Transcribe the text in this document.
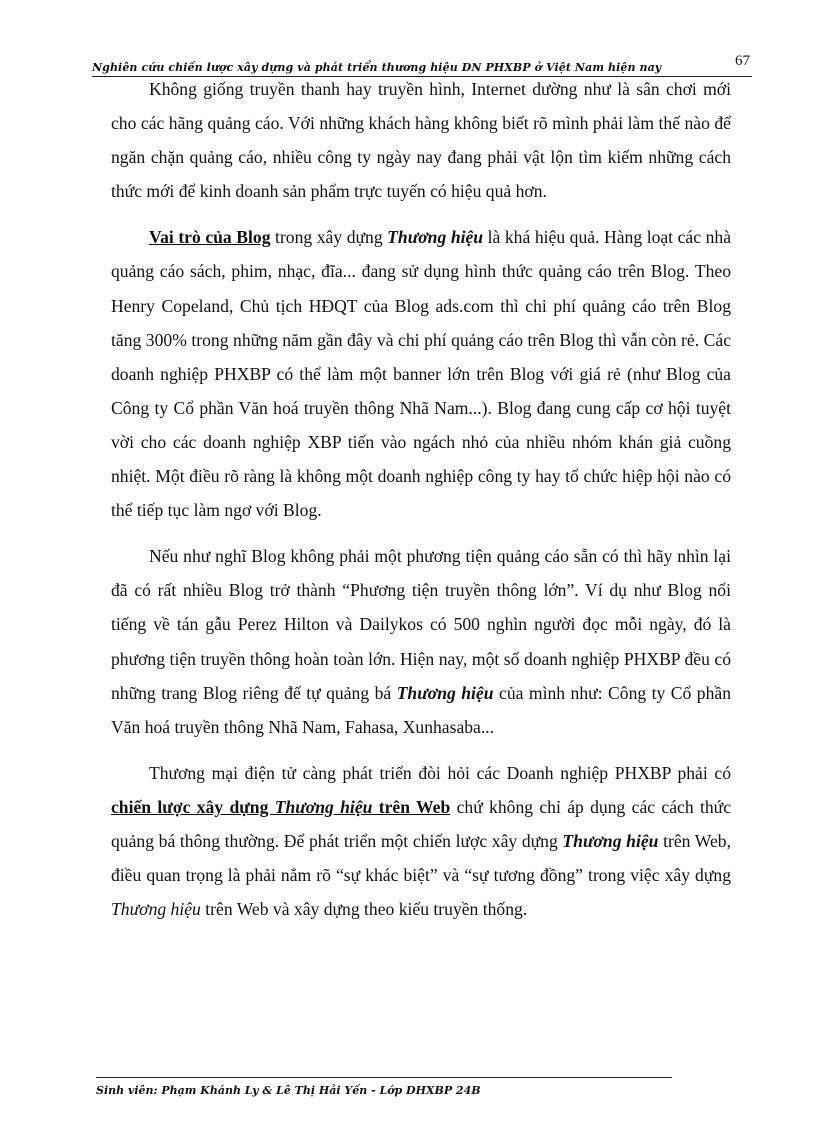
Nghiên cứu chiến lược xây dựng và phát triển thương hiệu DN PHXBP ở Việt Nam hiện nay	67

Không giống truyền thanh hay truyền hình, Internet dường như là sân chơi mới cho các hãng quảng cáo. Với những khách hàng không biết rõ mình phải làm thế nào để ngăn chặn quảng cáo, nhiều công ty ngày nay đang phải vật lộn tìm kiếm những cách thức mới để kinh doanh sản phẩm trực tuyến có hiệu quả hơn.

Vai trò của Blog trong xây dựng Thương hiệu là khá hiệu quả. Hàng loạt các nhà quảng cáo sách, phim, nhạc, đĩa... đang sử dụng hình thức quảng cáo trên Blog. Theo Henry Copeland, Chủ tịch HĐQT của Blog ads.com thì chi phí quảng cáo trên Blog tăng 300% trong những năm gần đây và chi phí quảng cáo trên Blog thì vẫn còn rẻ. Các doanh nghiệp PHXBP có thể làm một banner lớn trên Blog với giá rẻ (như Blog của Công ty Cổ phần Văn hoá truyền thông Nhã Nam...). Blog đang cung cấp cơ hội tuyệt vời cho các doanh nghiệp XBP tiến vào ngách nhỏ của nhiều nhóm khán giả cuồng nhiệt. Một điều rõ ràng là không một doanh nghiệp công ty hay tổ chức hiệp hội nào có thể tiếp tục làm ngơ với Blog.

Nếu như nghĩ Blog không phải một phương tiện quảng cáo sẵn có thì hãy nhìn lại đã có rất nhiều Blog trở thành “Phương tiện truyền thông lớn”. Ví dụ như Blog nổi tiếng về tán gẫu Perez Hilton và Dailykos có 500 nghìn người đọc mỗi ngày, đó là phương tiện truyền thông hoàn toàn lớn. Hiện nay, một số doanh nghiệp PHXBP đều có những trang Blog riêng để tự quảng bá Thương hiệu của mình như: Công ty Cổ phần Văn hoá truyền thông Nhã Nam, Fahasa, Xunhasaba...

Thương mại điện tử càng phát triển đòi hỏi các Doanh nghiệp PHXBP phải có chiến lược xây dựng Thương hiệu trên Web chứ không chỉ áp dụng các cách thức quảng bá thông thường. Để phát triển một chiến lược xây dựng Thương hiệu trên Web, điều quan trọng là phải nắm rõ “sự khác biệt” và “sự tương đồng” trong việc xây dựng Thương hiệu trên Web và xây dựng theo kiểu truyền thống.

Sinh viên: Phạm Khánh Ly & Lê Thị Hải Yến - Lớp DHXBP 24B
